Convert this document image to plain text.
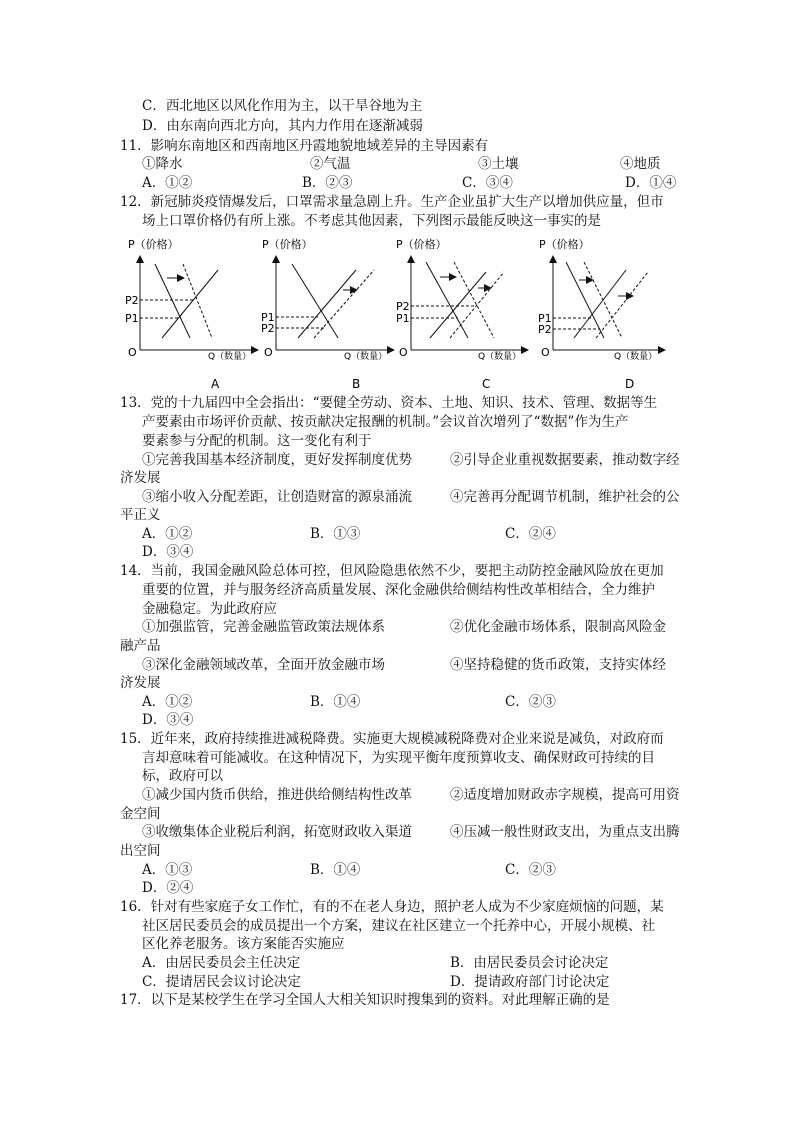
C．西北地区以风化作用为主，以干旱谷地为主
D．由东南向西北方向，其内力作用在逐渐减弱
11．影响东南地区和西南地区丹霞地貌地域差异的主导因素有
①降水	②气温	③土壤	④地质
A．①②	B．②③	C．③④	D．①④
12．新冠肺炎疫情爆发后，口罩需求量急剧上升。生产企业虽扩大生产以增加供应量，但市
场上口罩价格仍有所上涨。不考虑其他因素，下列图示最能反映这一事实的是
P（价格）
O	Q（数量）
P2
P1
A
P（价格）
O	Q（数量）
P1
P2
B
P（价格）
O	Q（数量）
P2
P1
C
P（价格）
O	Q（数量）
P1
P2
D
13．党的十九届四中全会指出：“要健全劳动、资本、土地、知识、技术、管理、数据等生
产要素由市场评价贡献、按贡献决定报酬的机制。”会议首次增列了“数据”作为生产
要素参与分配的机制。这一变化有利于
①完善我国基本经济制度，更好发挥制度优势	②引导企业重视数据要素，推动数字经
济发展
③缩小收入分配差距，让创造财富的源泉涌流	④完善再分配调节机制，维护社会的公
平正义
A．①②	B．①③	C．②④
D．③④
14．当前，我国金融风险总体可控，但风险隐患依然不少，要把主动防控金融风险放在更加
重要的位置，并与服务经济高质量发展、深化金融供给侧结构性改革相结合，全力维护
金融稳定。为此政府应
①加强监管，完善金融监管政策法规体系	②优化金融市场体系，限制高风险金
融产品
③深化金融领域改革，全面开放金融市场	④坚持稳健的货币政策，支持实体经
济发展
A．①②	B．①④	C．②③
D．③④
15．近年来，政府持续推进减税降费。实施更大规模减税降费对企业来说是减负，对政府而
言却意味着可能减收。在这种情况下，为实现平衡年度预算收支、确保财政可持续的目
标，政府可以
①减少国内货币供给，推进供给侧结构性改革	②适度增加财政赤字规模，提高可用资
金空间
③收缴集体企业税后利润，拓宽财政收入渠道	④压减一般性财政支出，为重点支出腾
出空间
A．①③	B．①④	C．②③
D．②④
16．针对有些家庭子女工作忙，有的不在老人身边，照护老人成为不少家庭烦恼的问题，某
社区居民委员会的成员提出一个方案，建议在社区建立一个托养中心，开展小规模、社
区化养老服务。该方案能否实施应
A．由居民委员会主任决定	B．由居民委员会讨论决定
C．提请居民会议讨论决定	D．提请政府部门讨论决定
17．以下是某校学生在学习全国人大相关知识时搜集到的资料。对此理解正确的是
